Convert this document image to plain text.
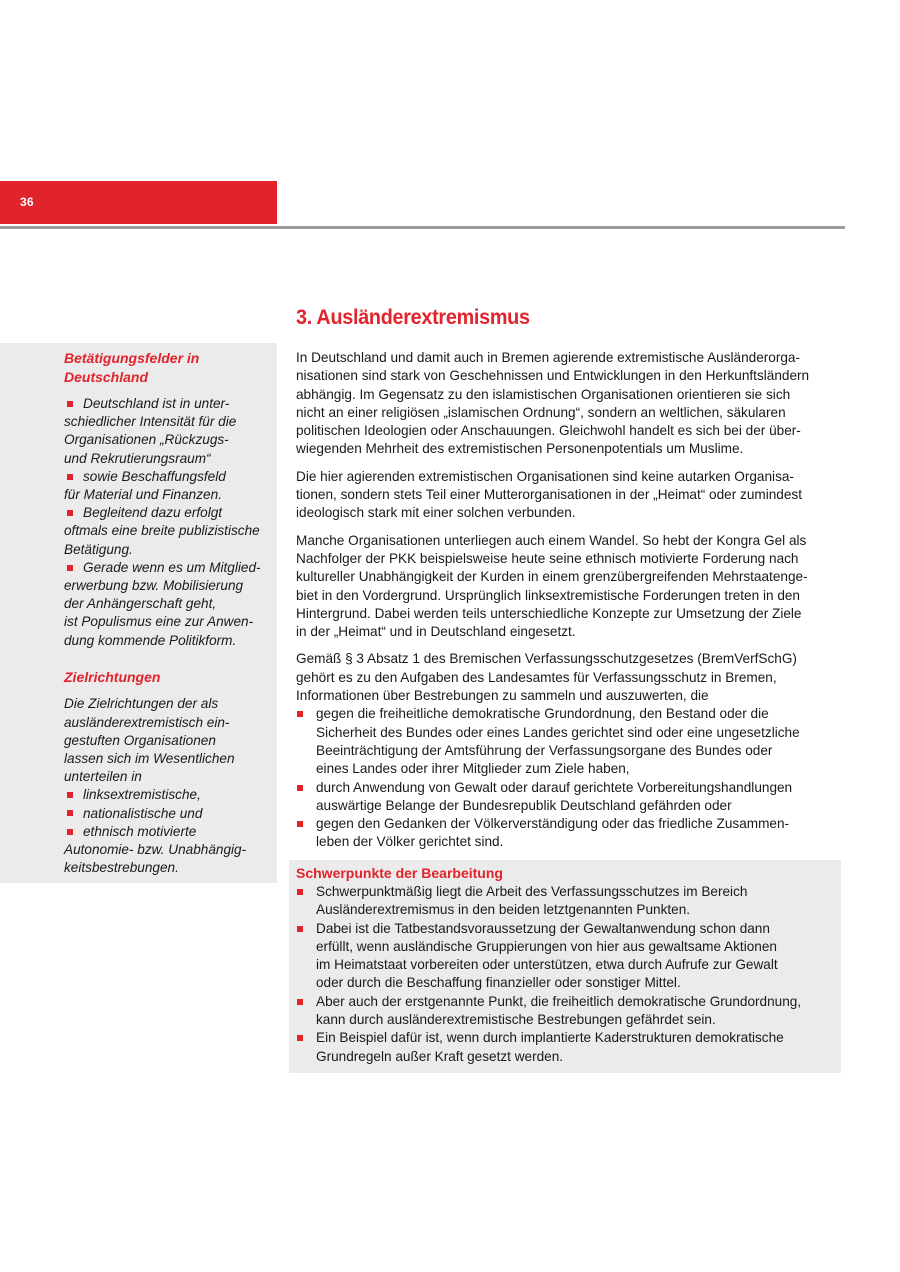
36

Betätigungsfelder in
Deutschland

Deutschland ist in unter-
schiedlicher Intensität für die
Organisationen „Rückzugs-
und Rekrutierungsraum“
sowie Beschaffungsfeld
für Material und Finanzen.
Begleitend dazu erfolgt
oftmals eine breite publizistische
Betätigung.
Gerade wenn es um Mitglied-
erwerbung bzw. Mobilisierung
der Anhängerschaft geht,
ist Populismus eine zur Anwen-
dung kommende Politikform.

Zielrichtungen

Die Zielrichtungen der als
ausländerextremistisch ein-
gestuften Organisationen
lassen sich im Wesentlichen
unterteilen in
linksextremistische,
nationalistische und
ethnisch motivierte
Autonomie- bzw. Unabhängig-
keitsbestrebungen.
3. Ausländerextremismus

In Deutschland und damit auch in Bremen agierende extremistische Ausländerorga-
nisationen sind stark von Geschehnissen und Entwicklungen in den Herkunftsländern
abhängig. Im Gegensatz zu den islamistischen Organisationen orientieren sie sich
nicht an einer religiösen „islamischen Ordnung“, sondern an weltlichen, säkularen
politischen Ideologien oder Anschauungen. Gleichwohl handelt es sich bei der über-
wiegenden Mehrheit des extremistischen Personenpotentials um Muslime.

Die hier agierenden extremistischen Organisationen sind keine autarken Organisa-
tionen, sondern stets Teil einer Mutterorganisationen in der „Heimat“ oder zumindest
ideologisch stark mit einer solchen verbunden.

Manche Organisationen unterliegen auch einem Wandel. So hebt der Kongra Gel als
Nachfolger der PKK beispielsweise heute seine ethnisch motivierte Forderung nach
kultureller Unabhängigkeit der Kurden in einem grenzübergreifenden Mehrstaatenge-
biet in den Vordergrund. Ursprünglich linksextremistische Forderungen treten in den
Hintergrund. Dabei werden teils unterschiedliche Konzepte zur Umsetzung der Ziele
in der „Heimat“ und in Deutschland eingesetzt.

Gemäß § 3 Absatz 1 des Bremischen Verfassungsschutzgesetzes (BremVerfSchG)
gehört es zu den Aufgaben des Landesamtes für Verfassungsschutz in Bremen,
Informationen über Bestrebungen zu sammeln und auszuwerten, die

gegen die freiheitliche demokratische Grundordnung, den Bestand oder die
Sicherheit des Bundes oder eines Landes gerichtet sind oder eine ungesetzliche
Beeinträchtigung der Amtsführung der Verfassungsorgane des Bundes oder
eines Landes oder ihrer Mitglieder zum Ziele haben,
durch Anwendung von Gewalt oder darauf gerichtete Vorbereitungshandlungen
auswärtige Belange der Bundesrepublik Deutschland gefährden oder
gegen den Gedanken der Völkerverständigung oder das friedliche Zusammen-
leben der Völker gerichtet sind.

Schwerpunkte der Bearbeitung

Schwerpunktmäßig liegt die Arbeit des Verfassungsschutzes im Bereich
Ausländerextremismus in den beiden letztgenannten Punkten.
Dabei ist die Tatbestandsvoraussetzung der Gewaltanwendung schon dann
erfüllt, wenn ausländische Gruppierungen von hier aus gewaltsame Aktionen
im Heimatstaat vorbereiten oder unterstützen, etwa durch Aufrufe zur Gewalt
oder durch die Beschaffung finanzieller oder sonstiger Mittel.
Aber auch der erstgenannte Punkt, die freiheitlich demokratische Grundordnung,
kann durch ausländerextremistische Bestrebungen gefährdet sein.
Ein Beispiel dafür ist, wenn durch implantierte Kaderstrukturen demokratische
Grundregeln außer Kraft gesetzt werden.
